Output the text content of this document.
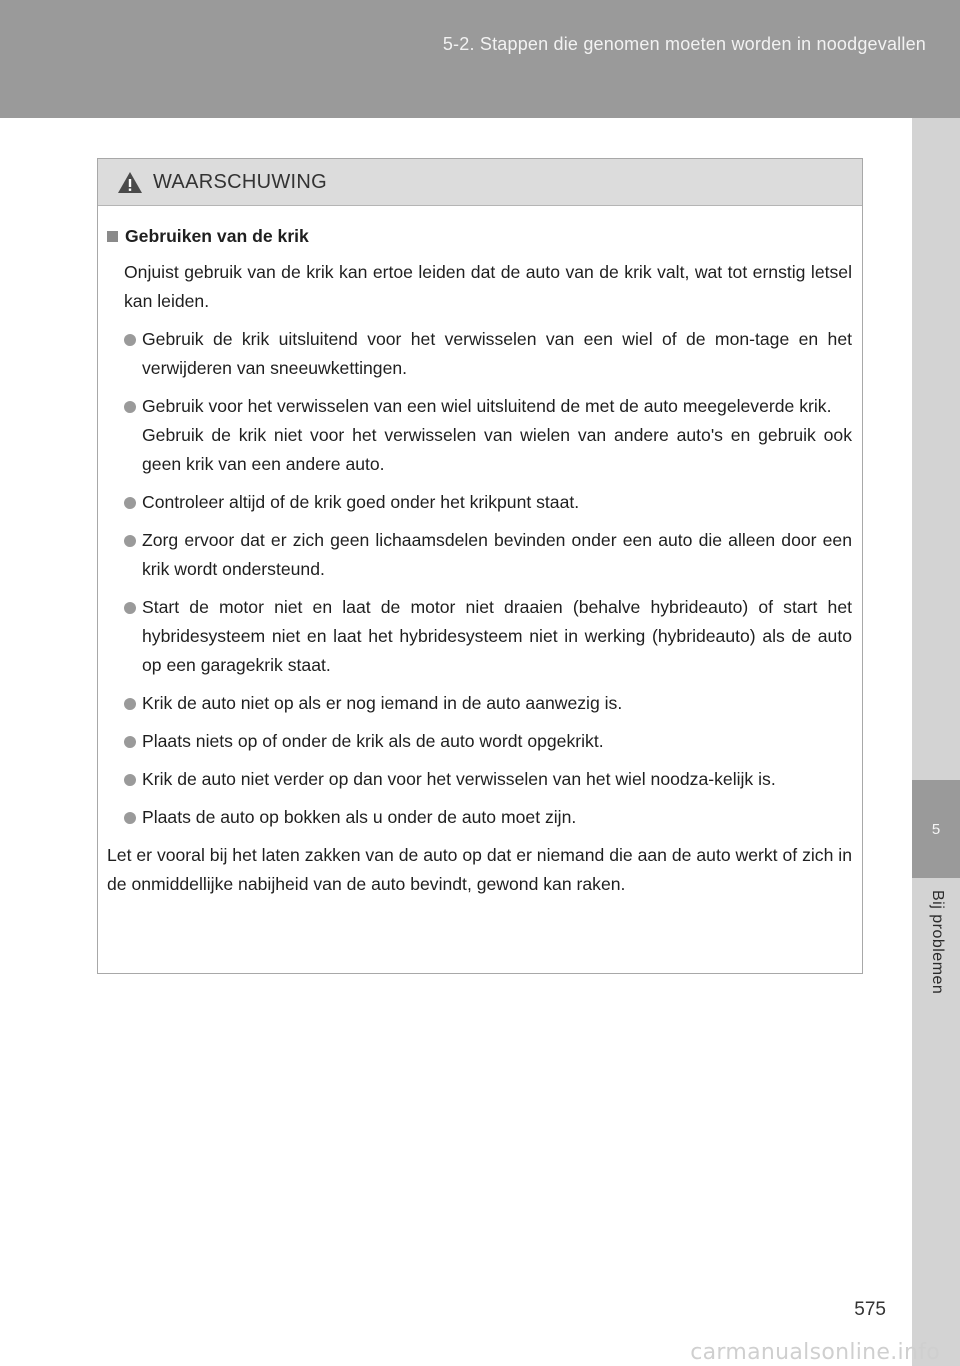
5-2. Stappen die genomen moeten worden in noodgevallen
5
Bij problemen
WAARSCHUWING
Gebruiken van de krik
Onjuist gebruik van de krik kan ertoe leiden dat de auto van de krik valt, wat tot ernstig letsel kan leiden.
Gebruik de krik uitsluitend voor het verwisselen van een wiel of de mon-tage en het verwijderen van sneeuwkettingen.
Gebruik voor het verwisselen van een wiel uitsluitend de met de auto meegeleverde krik.
Gebruik de krik niet voor het verwisselen van wielen van andere auto's en gebruik ook geen krik van een andere auto.
Controleer altijd of de krik goed onder het krikpunt staat.
Zorg ervoor dat er zich geen lichaamsdelen bevinden onder een auto die alleen door een krik wordt ondersteund.
Start de motor niet en laat de motor niet draaien (behalve hybrideauto) of start het hybridesysteem niet en laat het hybridesysteem niet in werking (hybrideauto) als de auto op een garagekrik staat.
Krik de auto niet op als er nog iemand in de auto aanwezig is.
Plaats niets op of onder de krik als de auto wordt opgekrikt.
Krik de auto niet verder op dan voor het verwisselen van het wiel noodza-kelijk is.
Plaats de auto op bokken als u onder de auto moet zijn.
Let er vooral bij het laten zakken van de auto op dat er niemand die aan de auto werkt of zich in de onmiddellijke nabijheid van de auto bevindt, gewond kan raken.
575
carmanualsonline.info
